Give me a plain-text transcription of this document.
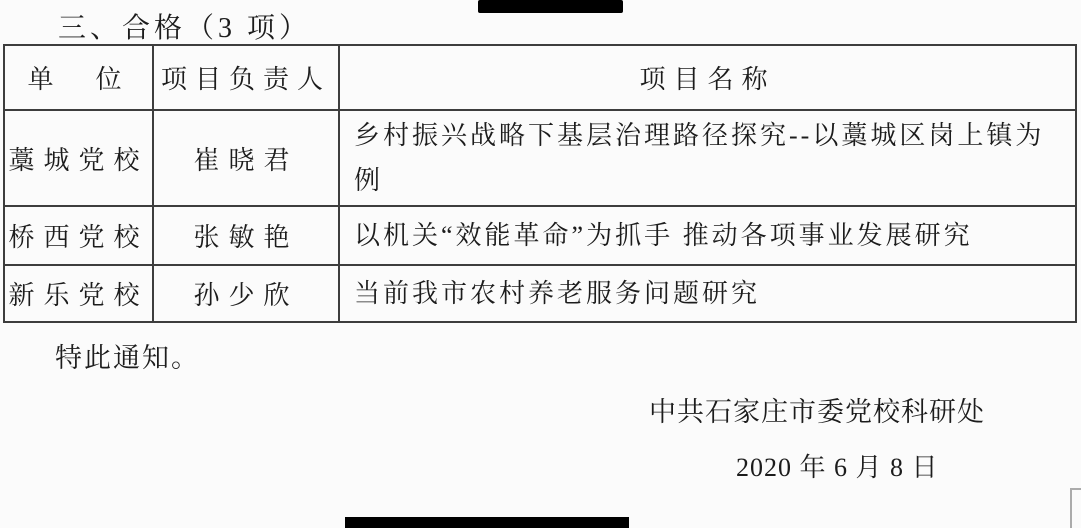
三、合格（3 项）
单　位	项目负责人	项目名称
藁城党校	崔晓君	乡村振兴战略下基层治理路径探究--以藁城区岗上镇为例
桥西党校	张敏艳	以机关“效能革命”为抓手 推动各项事业发展研究
新乐党校	孙少欣	当前我市农村养老服务问题研究
特此通知。
中共石家庄市委党校科研处
2020 年 6 月 8 日
